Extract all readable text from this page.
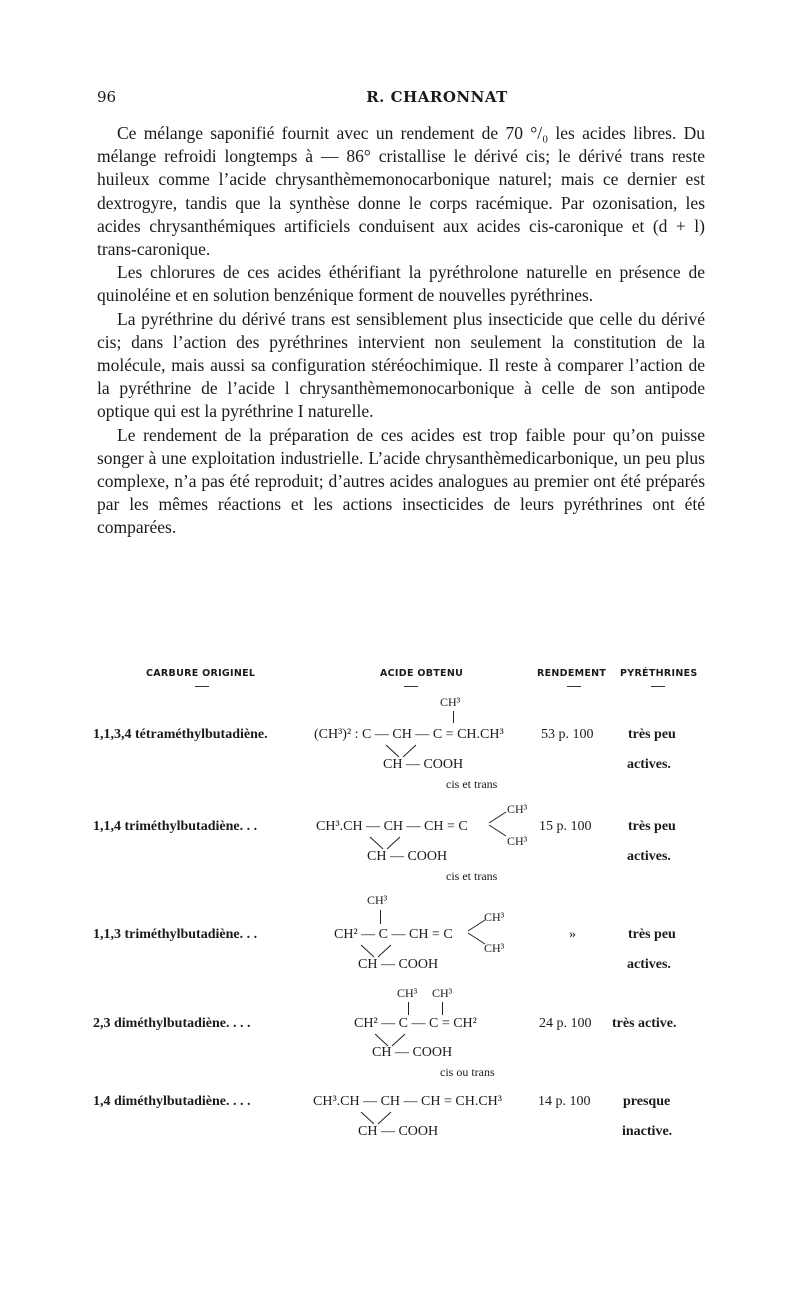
96	R. CHARONNAT

Ce mélange saponifié fournit avec un rendement de 70 °/₀ les acides libres. Du mélange refroidi longtemps à — 86° cristallise le dérivé cis; le dérivé trans reste huileux comme l’acide chrysanthèmemonocarbonique naturel; mais ce dernier est dextrogyre, tandis que la synthèse donne le corps racémique. Par ozonisation, les acides chrysanthémiques artificiels conduisent aux acides cis-caronique et (d + l) trans-caronique.

Les chlorures de ces acides éthérifiant la pyréthrolone naturelle en présence de quinoléine et en solution benzénique forment de nouvelles pyréthrines.

La pyréthrine du dérivé trans est sensiblement plus insecticide que celle du dérivé cis; dans l’action des pyréthrines intervient non seulement la constitution de la molécule, mais aussi sa configuration stéréochimique. Il reste à comparer l’action de la pyréthrine de l’acide l chrysanthèmemonocarbonique à celle de son antipode optique qui est la pyréthrine I naturelle.

Le rendement de la préparation de ces acides est trop faible pour qu’on puisse songer à une exploitation industrielle. L’acide chrysanthèmedicarbonique, un peu plus complexe, n’a pas été reproduit; d’autres acides analogues au premier ont été préparés par les mêmes réactions et les actions insecticides de leurs pyréthrines ont été comparées.

CARBURE ORIGINEL	ACIDE OBTENU	RENDEMENT PYRÉTHRINES
CH³
1,1,3,4 tétraméthylbutadiène.	(CH³)² : C — CH — C = CH.CH³	53 p. 100 très peu
CH — COOH	actives.
cis et trans
CH³
1,1,4 triméthylbutadiène. . .	CH³.CH — CH — CH = C	15 p. 100	très peu
CH³
CH — COOH	actives.
cis et trans
CH³
CH³
1,1,3 triméthylbutadiène. . .	CH² — C — CH = C	»	très peu
CH³
CH — COOH	actives.
CH³ CH³
2,3 diméthylbutadiène. . . .	CH² — C — C = CH²	24 p. 100 très active.
CH — COOH
cis ou trans
1,4 diméthylbutadiène. . . .	CH³.CH — CH — CH = CH.CH³	14 p. 100 presque
CH — COOH	inactive.
